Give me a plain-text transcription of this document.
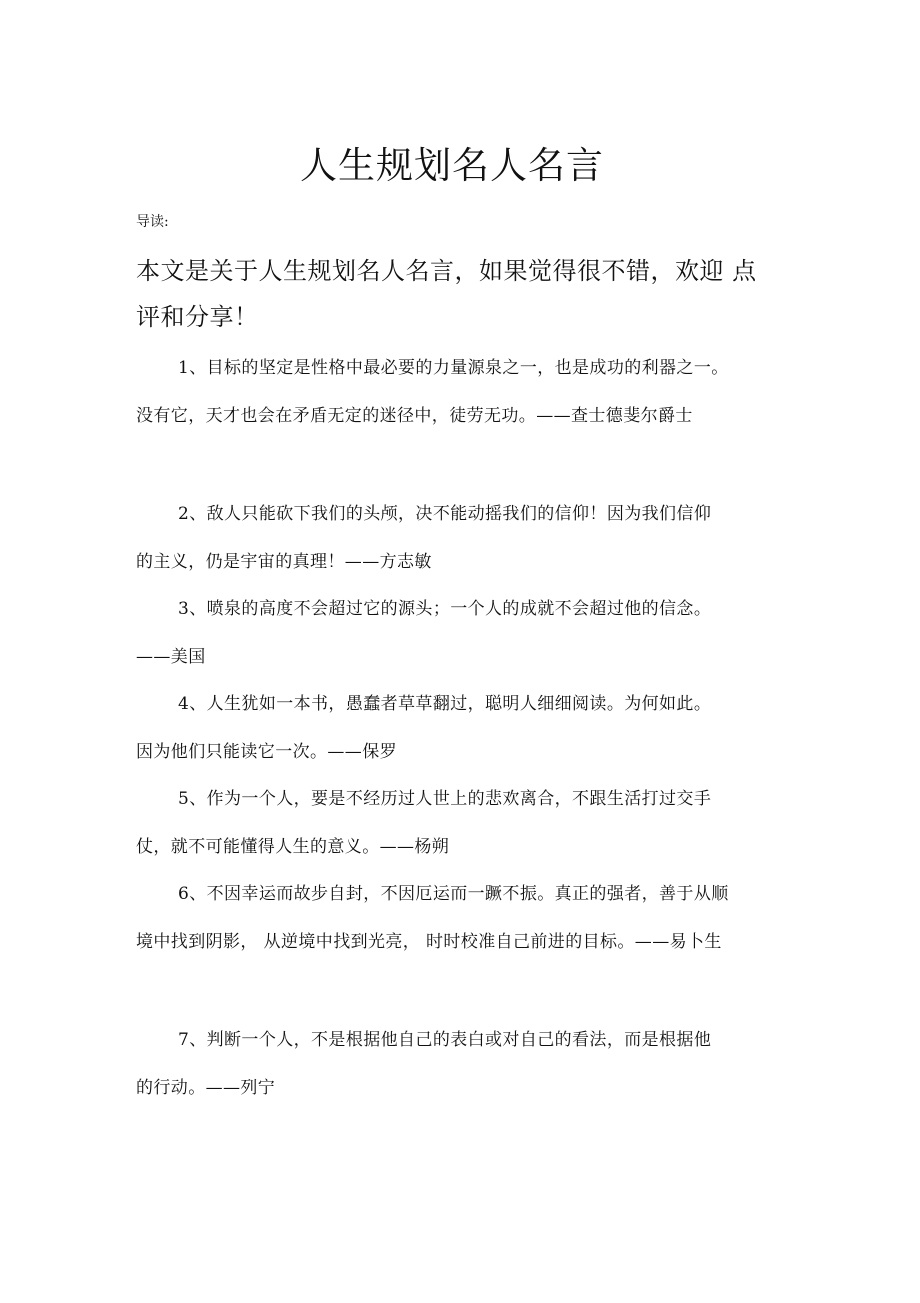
人生规划名人名言
导读:
本文是关于人生规划名人名言，如果觉得很不错，欢迎 点评和分享！
1、目标的坚定是性格中最必要的力量源泉之一，也是成功的利器之一。 没有它，天才也会在矛盾无定的迷径中，徒劳无功。——查士德斐尔爵士
2、敌人只能砍下我们的头颅，决不能动摇我们的信仰！因为我们信仰的主义，仍是宇宙的真理！——方志敏
3、喷泉的高度不会超过它的源头；一个人的成就不会超过他的信念。——美国
4、人生犹如一本书，愚蠢者草草翻过，聪明人细细阅读。为何如此。因为他们只能读它一次。——保罗
5、作为一个人，要是不经历过人世上的悲欢离合，不跟生活打过交手仗，就不可能懂得人生的意义。——杨朔
6、不因幸运而故步自封，不因厄运而一蹶不振。真正的强者，善于从顺境中找到阴影， 从逆境中找到光亮， 时时校准自己前进的目标。——易卜生
7、判断一个人，不是根据他自己的表白或对自己的看法，而是根据他的行动。——列宁
